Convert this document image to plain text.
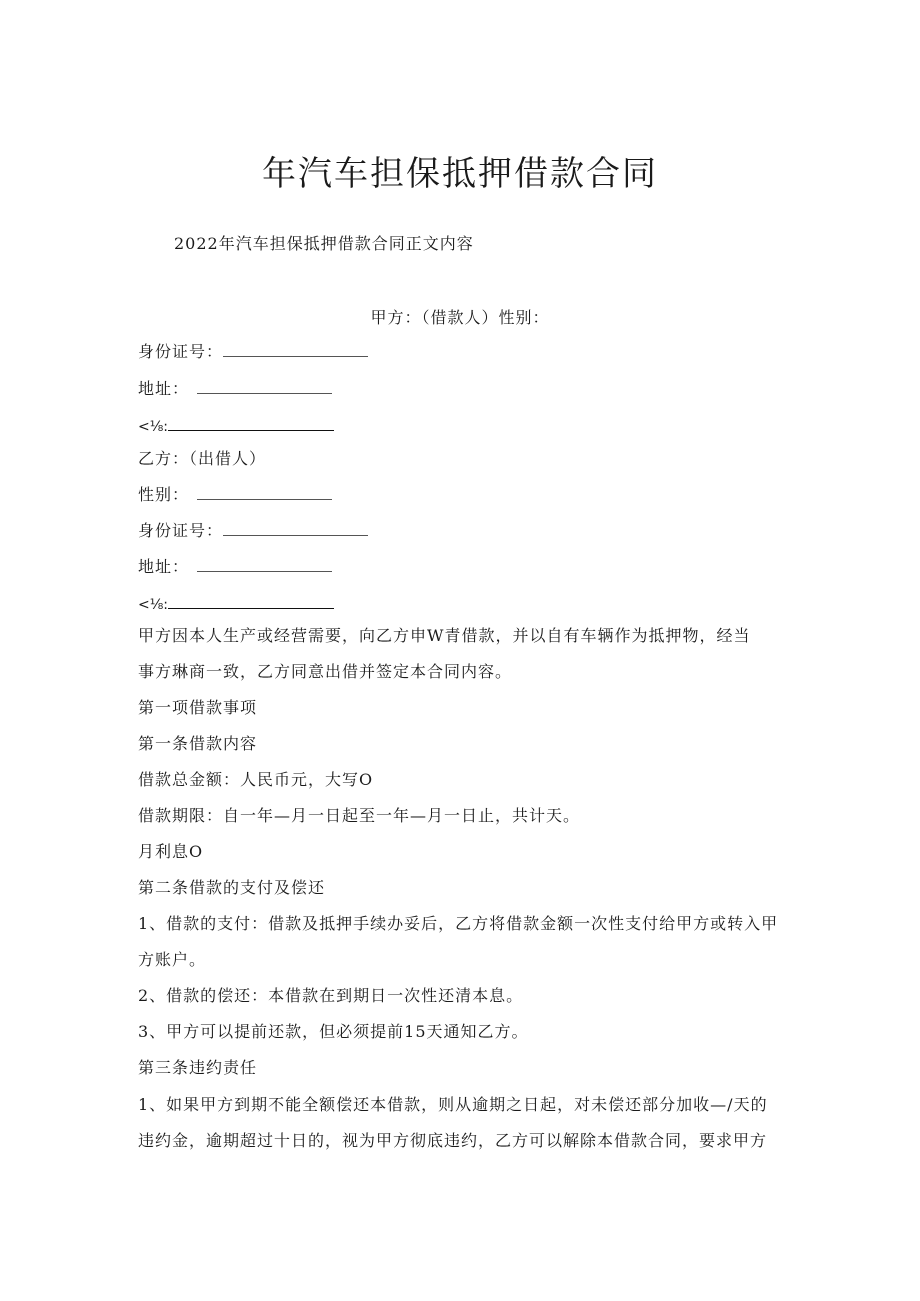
年汽车担保抵押借款合同
2022年汽车担保抵押借款合同正文内容
甲方：（借款人）性别：
身份证号：
地址：
<⅛:
乙方：（出借人）
性别：
身份证号：
地址：
<⅛:
甲方因本人生产或经营需要，向乙方申W青借款，并以自有车辆作为抵押物，经当
事方琳商一致，乙方同意出借并签定本合同内容。
第一项借款事项
第一条借款内容
借款总金额：人民币元，大写O
借款期限：自一年—月一日起至一年—月一日止，共计天。
月利息O
第二条借款的支付及偿还
1、借款的支付：借款及抵押手续办妥后，乙方将借款金额一次性支付给甲方或转入甲
方账户。
2、借款的偿还：本借款在到期日一次性还清本息。
3、甲方可以提前还款，但必须提前15天通知乙方。
第三条违约责任
1、如果甲方到期不能全额偿还本借款，则从逾期之日起，对未偿还部分加收—/天的
违约金，逾期超过十日的，视为甲方彻底违约，乙方可以解除本借款合同，要求甲方
